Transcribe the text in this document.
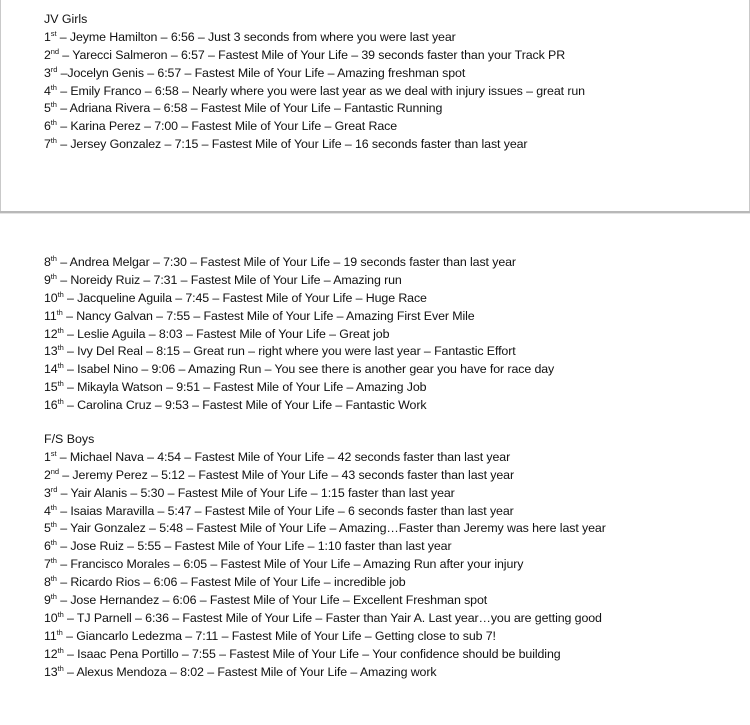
JV Girls
1st – Jeyme Hamilton – 6:56 – Just 3 seconds from where you were last year
2nd – Yarecci Salmeron – 6:57 – Fastest Mile of Your Life – 39 seconds faster than your Track PR
3rd –Jocelyn Genis – 6:57 – Fastest Mile of Your Life – Amazing freshman spot
4th – Emily Franco – 6:58 – Nearly where you were last year as we deal with injury issues – great run
5th – Adriana Rivera – 6:58 – Fastest Mile of Your Life – Fantastic Running
6th – Karina Perez – 7:00 – Fastest Mile of Your Life – Great Race
7th – Jersey Gonzalez – 7:15 – Fastest Mile of Your Life – 16 seconds faster than last year
8th – Andrea Melgar – 7:30 – Fastest Mile of Your Life – 19 seconds faster than last year
9th – Noreidy Ruiz – 7:31 – Fastest Mile of Your Life – Amazing run
10th – Jacqueline Aguila – 7:45 – Fastest Mile of Your Life – Huge Race
11th – Nancy Galvan – 7:55 – Fastest Mile of Your Life – Amazing First Ever Mile
12th – Leslie Aguila – 8:03 – Fastest Mile of Your Life – Great job
13th – Ivy Del Real – 8:15 – Great run – right where you were last year – Fantastic Effort
14th – Isabel Nino – 9:06 – Amazing Run – You see there is another gear you have for race day
15th – Mikayla Watson – 9:51 – Fastest Mile of Your Life – Amazing Job
16th – Carolina Cruz – 9:53 – Fastest Mile of Your Life – Fantastic Work
F/S Boys
1st – Michael Nava – 4:54 – Fastest Mile of Your Life – 42 seconds faster than last year
2nd – Jeremy Perez – 5:12 – Fastest Mile of Your Life – 43 seconds faster than last year
3rd – Yair Alanis – 5:30 – Fastest Mile of Your Life – 1:15 faster than last year
4th – Isaias Maravilla – 5:47 – Fastest Mile of Your Life – 6 seconds faster than last year
5th – Yair Gonzalez – 5:48 – Fastest Mile of Your Life – Amazing…Faster than Jeremy was here last year
6th – Jose Ruiz – 5:55 – Fastest Mile of Your Life – 1:10 faster than last year
7th – Francisco Morales – 6:05 – Fastest Mile of Your Life – Amazing Run after your injury
8th – Ricardo Rios – 6:06 – Fastest Mile of Your Life – incredible job
9th – Jose Hernandez – 6:06 – Fastest Mile of Your Life – Excellent Freshman spot
10th – TJ Parnell – 6:36 – Fastest Mile of Your Life – Faster than Yair A. Last year…you are getting good
11th – Giancarlo Ledezma – 7:11 – Fastest Mile of Your Life – Getting close to sub 7!
12th – Isaac Pena Portillo – 7:55 – Fastest Mile of Your Life – Your confidence should be building
13th – Alexus Mendoza – 8:02 – Fastest Mile of Your Life – Amazing work
